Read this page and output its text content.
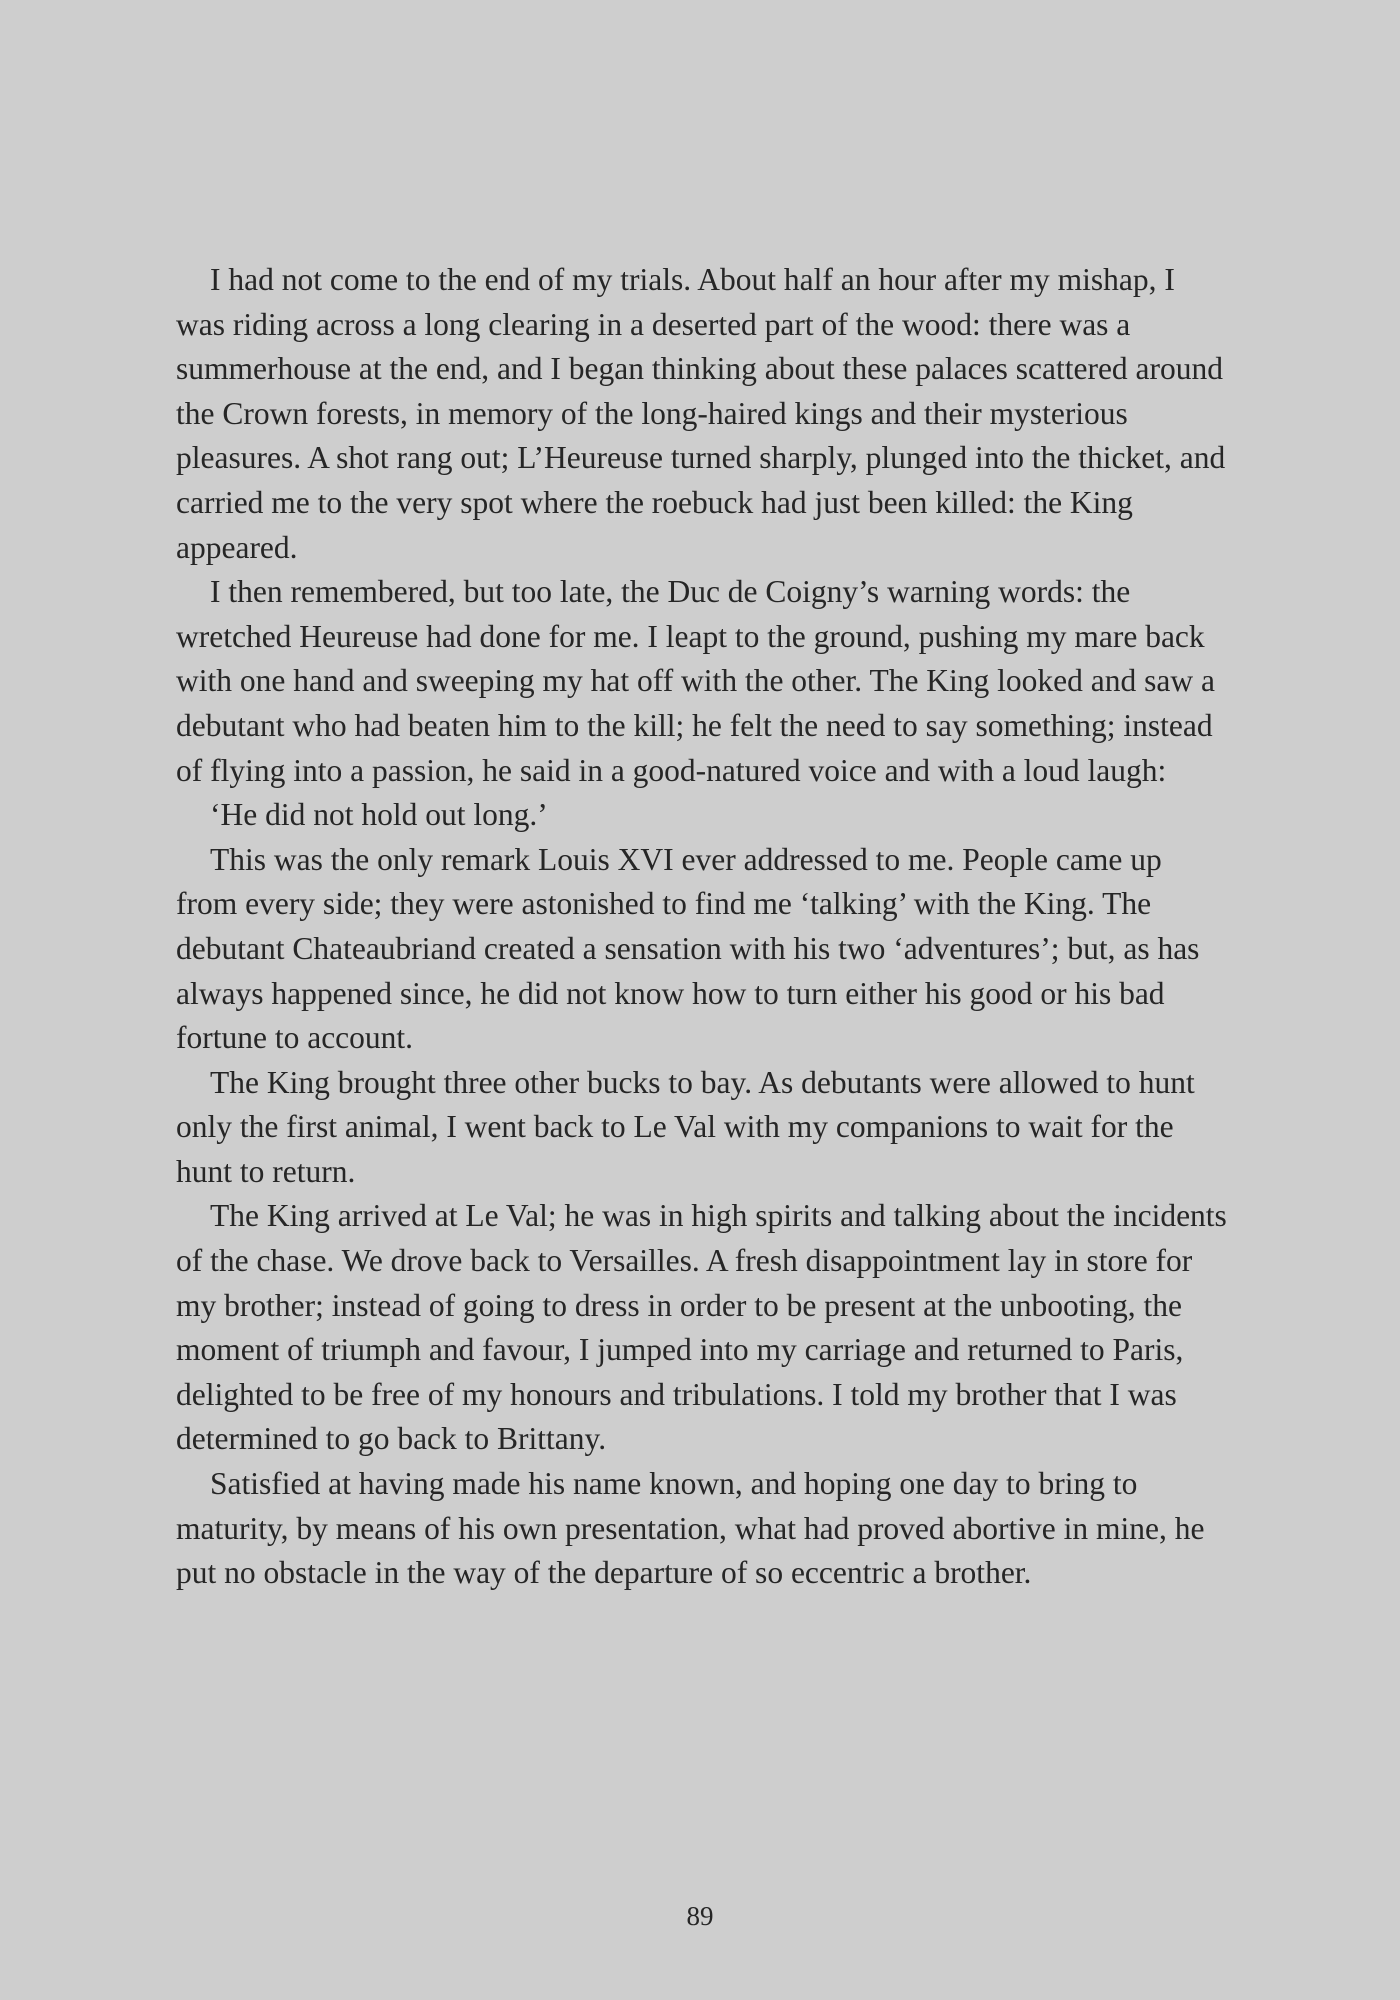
I had not come to the end of my trials. About half an hour after my mishap, I was riding across a long clearing in a deserted part of the wood: there was a summerhouse at the end, and I began thinking about these palaces scattered around the Crown forests, in memory of the long-haired kings and their mysterious pleasures. A shot rang out; L’Heureuse turned sharply, plunged into the thicket, and carried me to the very spot where the roebuck had just been killed: the King appeared.

I then remembered, but too late, the Duc de Coigny’s warning words: the wretched Heureuse had done for me. I leapt to the ground, pushing my mare back with one hand and sweeping my hat off with the other. The King looked and saw a debutant who had beaten him to the kill; he felt the need to say something; instead of flying into a passion, he said in a good-natured voice and with a loud laugh:

‘He did not hold out long.’

This was the only remark Louis XVI ever addressed to me. People came up from every side; they were astonished to find me ‘talking’ with the King. The debutant Chateaubriand created a sensation with his two ‘adventures’; but, as has always happened since, he did not know how to turn either his good or his bad fortune to account.

The King brought three other bucks to bay. As debutants were allowed to hunt only the first animal, I went back to Le Val with my companions to wait for the hunt to return.

The King arrived at Le Val; he was in high spirits and talking about the incidents of the chase. We drove back to Versailles. A fresh disappointment lay in store for my brother; instead of going to dress in order to be present at the unbooting, the moment of triumph and favour, I jumped into my carriage and returned to Paris, delighted to be free of my honours and tribulations. I told my brother that I was determined to go back to Brittany.

Satisfied at having made his name known, and hoping one day to bring to maturity, by means of his own presentation, what had proved abortive in mine, he put no obstacle in the way of the departure of so eccentric a brother.

89
